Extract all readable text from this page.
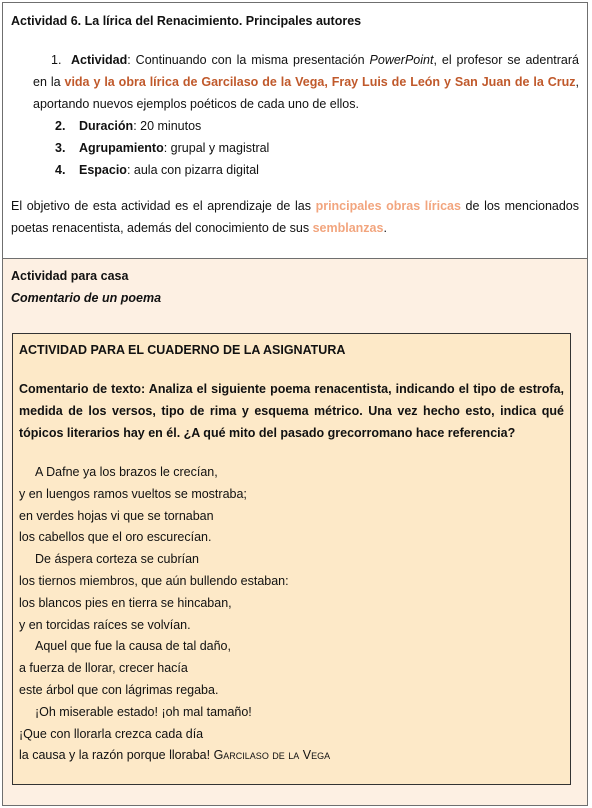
Actividad 6. La lírica del Renacimiento. Principales autores

1. Actividad: Continuando con la misma presentación PowerPoint, el profesor se adentrará en la vida y la obra lírica de Garcilaso de la Vega, Fray Luis de León y San Juan de la Cruz, aportando nuevos ejemplos poéticos de cada uno de ellos.

2. Duración: 20 minutos
3. Agrupamiento: grupal y magistral
4. Espacio: aula con pizarra digital

El objetivo de esta actividad es el aprendizaje de las principales obras líricas de los mencionados poetas renacentista, además del conocimiento de sus semblanzas.

Actividad para casa

Comentario de un poema

ACTIVIDAD PARA EL CUADERNO DE LA ASIGNATURA

Comentario de texto: Analiza el siguiente poema renacentista, indicando el tipo de estrofa, medida de los versos, tipo de rima y esquema métrico. Una vez hecho esto, indica qué tópicos literarios hay en él. ¿A qué mito del pasado grecorromano hace referencia?

A Dafne ya los brazos le crecían,
y en luengos ramos vueltos se mostraba;
en verdes hojas vi que se tornaban
los cabellos que el oro escurecían.
De áspera corteza se cubrían
los tiernos miembros, que aún bullendo estaban:
los blancos pies en tierra se hincaban,
y en torcidas raíces se volvían.
Aquel que fue la causa de tal daño,
a fuerza de llorar, crecer hacía
este árbol que con lágrimas regaba.
¡Oh miserable estado! ¡oh mal tamaño!
¡Que con llorarla crezca cada día
la causa y la razón porque lloraba! Garcilaso de la Vega
